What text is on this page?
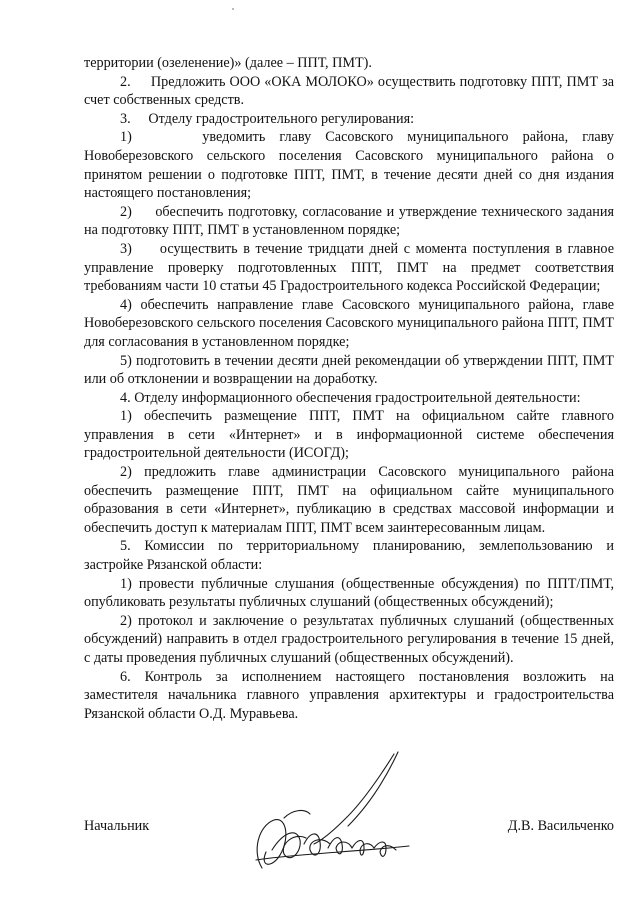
территории (озеленение)» (далее – ППТ, ПМТ).

2.     Предложить ООО «ОКА МОЛОКО» осуществить подготовку ППТ, ПМТ за счет собственных средств.

3.     Отделу градостроительного регулирования:

1)     уведомить главу Сасовского муниципального района, главу Новоберезовского сельского поселения Сасовского муниципального района о принятом решении о подготовке ППТ, ПМТ, в течение десяти дней со дня издания настоящего постановления;

2)     обеспечить подготовку, согласование и утверждение технического задания на подготовку ППТ, ПМТ в установленном порядке;

3)     осуществить в течение тридцати дней с момента поступления в главное управление проверку подготовленных ППТ, ПМТ на предмет соответствия требованиям части 10 статьи 45 Градостроительного кодекса Российской Федерации;

4) обеспечить направление главе Сасовского муниципального района, главе Новоберезовского сельского поселения Сасовского муниципального района ППТ, ПМТ для согласования в установленном порядке;

5) подготовить в течении десяти дней рекомендации об утверждении ППТ, ПМТ или об отклонении и возвращении на доработку.

4. Отделу информационного обеспечения градостроительной деятельности:

1) обеспечить размещение ППТ, ПМТ на официальном сайте главного управления в сети «Интернет» и в информационной системе обеспечения градостроительной деятельности (ИСОГД);

2) предложить главе администрации Сасовского муниципального района обеспечить размещение ППТ, ПМТ на официальном сайте муниципального образования в сети «Интернет», публикацию в средствах массовой информации и обеспечить доступ к материалам ППТ, ПМТ всем заинтересованным лицам.

5. Комиссии по территориальному планированию, землепользованию и застройке Рязанской области:

1) провести публичные слушания (общественные обсуждения) по ППТ/ПМТ, опубликовать результаты публичных слушаний (общественных обсуждений);

2) протокол и заключение о результатах публичных слушаний (общественных обсуждений) направить в отдел градостроительного регулирования в течение 15 дней, с даты проведения публичных слушаний (общественных обсуждений).

6. Контроль за исполнением настоящего постановления возложить на заместителя начальника главного управления архитектуры и градостроительства Рязанской области О.Д. Муравьева.

Начальник	Д.В. Васильченко
